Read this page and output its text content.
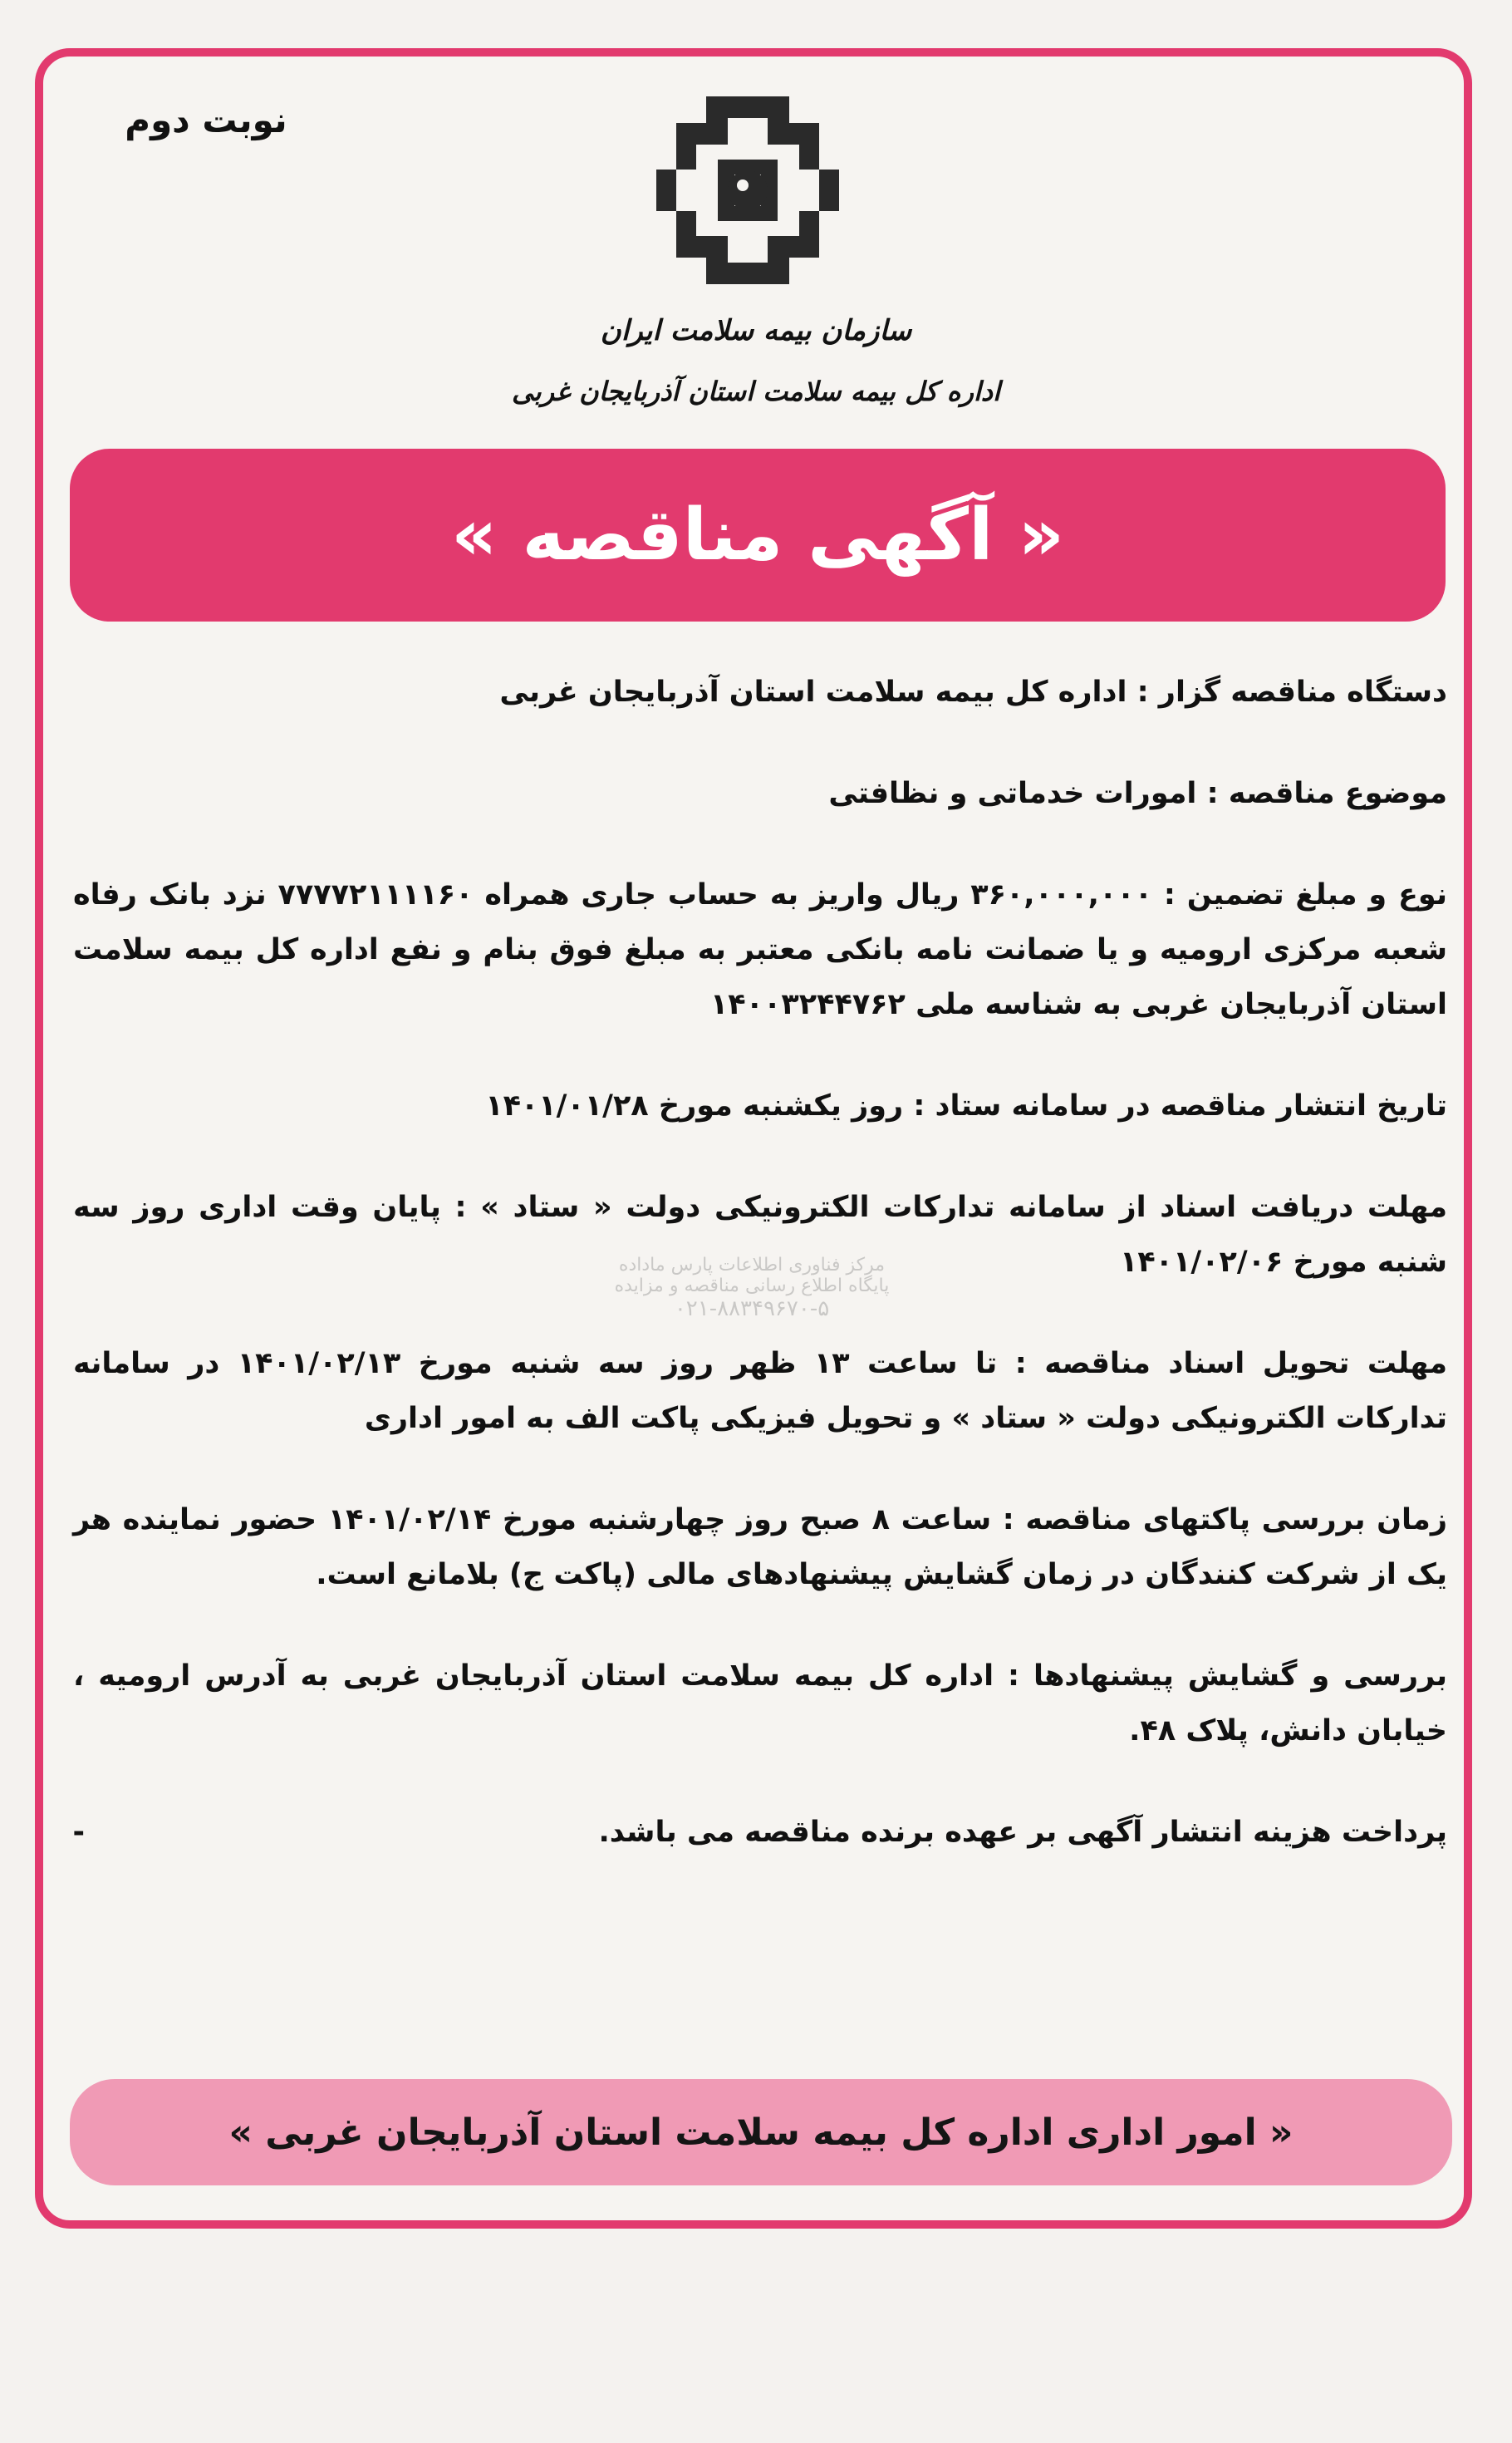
نوبت دوم
سازمان بیمه سلامت ایران
اداره کل بیمه سلامت استان آذربایجان غربی
« آگهی مناقصه »
مرکز فناوری اطلاعات پارس ماداده
پایگاه اطلاع رسانی مناقصه و مزایده
۰۲۱-۸۸۳۴۹۶۷۰-۵

دستگاه مناقصه گزار : اداره کل بیمه سلامت استان آذربایجان غربی

موضوع مناقصه : امورات خدماتی و نظافتی

نوع و مبلغ تضمین : ۳۶۰,۰۰۰,۰۰۰ ریال واریز به حساب جاری همراه ۷۷۷۷۲۱۱۱۱۶۰ نزد بانک رفاه شعبه مرکزی ارومیه و یا ضمانت نامه بانکی معتبر به مبلغ فوق بنام و نفع اداره کل بیمه سلامت استان آذربایجان غربی به شناسه ملی ۱۴۰۰۳۲۴۴۷۶۲

تاریخ انتشار مناقصه در سامانه ستاد : روز یکشنبه مورخ ۱۴۰۱/۰۱/۲۸

مهلت دریافت اسناد از سامانه تدارکات الکترونیکی دولت « ستاد » : پایان وقت اداری روز سه شنبه مورخ ۱۴۰۱/۰۲/۰۶

مهلت تحویل اسناد مناقصه : تا ساعت ۱۳ ظهر روز سه شنبه مورخ ۱۴۰۱/۰۲/۱۳ در سامانه تدارکات الکترونیکی دولت « ستاد » و تحویل فیزیکی پاکت الف به امور اداری

زمان بررسی پاکتهای مناقصه : ساعت ۸ صبح روز چهارشنبه مورخ ۱۴۰۱/۰۲/۱۴ حضور نماینده هر یک از شرکت کنندگان در زمان گشایش پیشنهادهای مالی (پاکت ج) بلامانع است.

بررسی و گشایش پیشنهادها : اداره کل بیمه سلامت استان آذربایجان غربی به آدرس ارومیه ، خیابان دانش، پلاک ۴۸.

پرداخت هزینه انتشار آگهی بر عهده برنده مناقصه می باشد.
-

« امور اداری اداره کل بیمه سلامت استان آذربایجان غربی »
